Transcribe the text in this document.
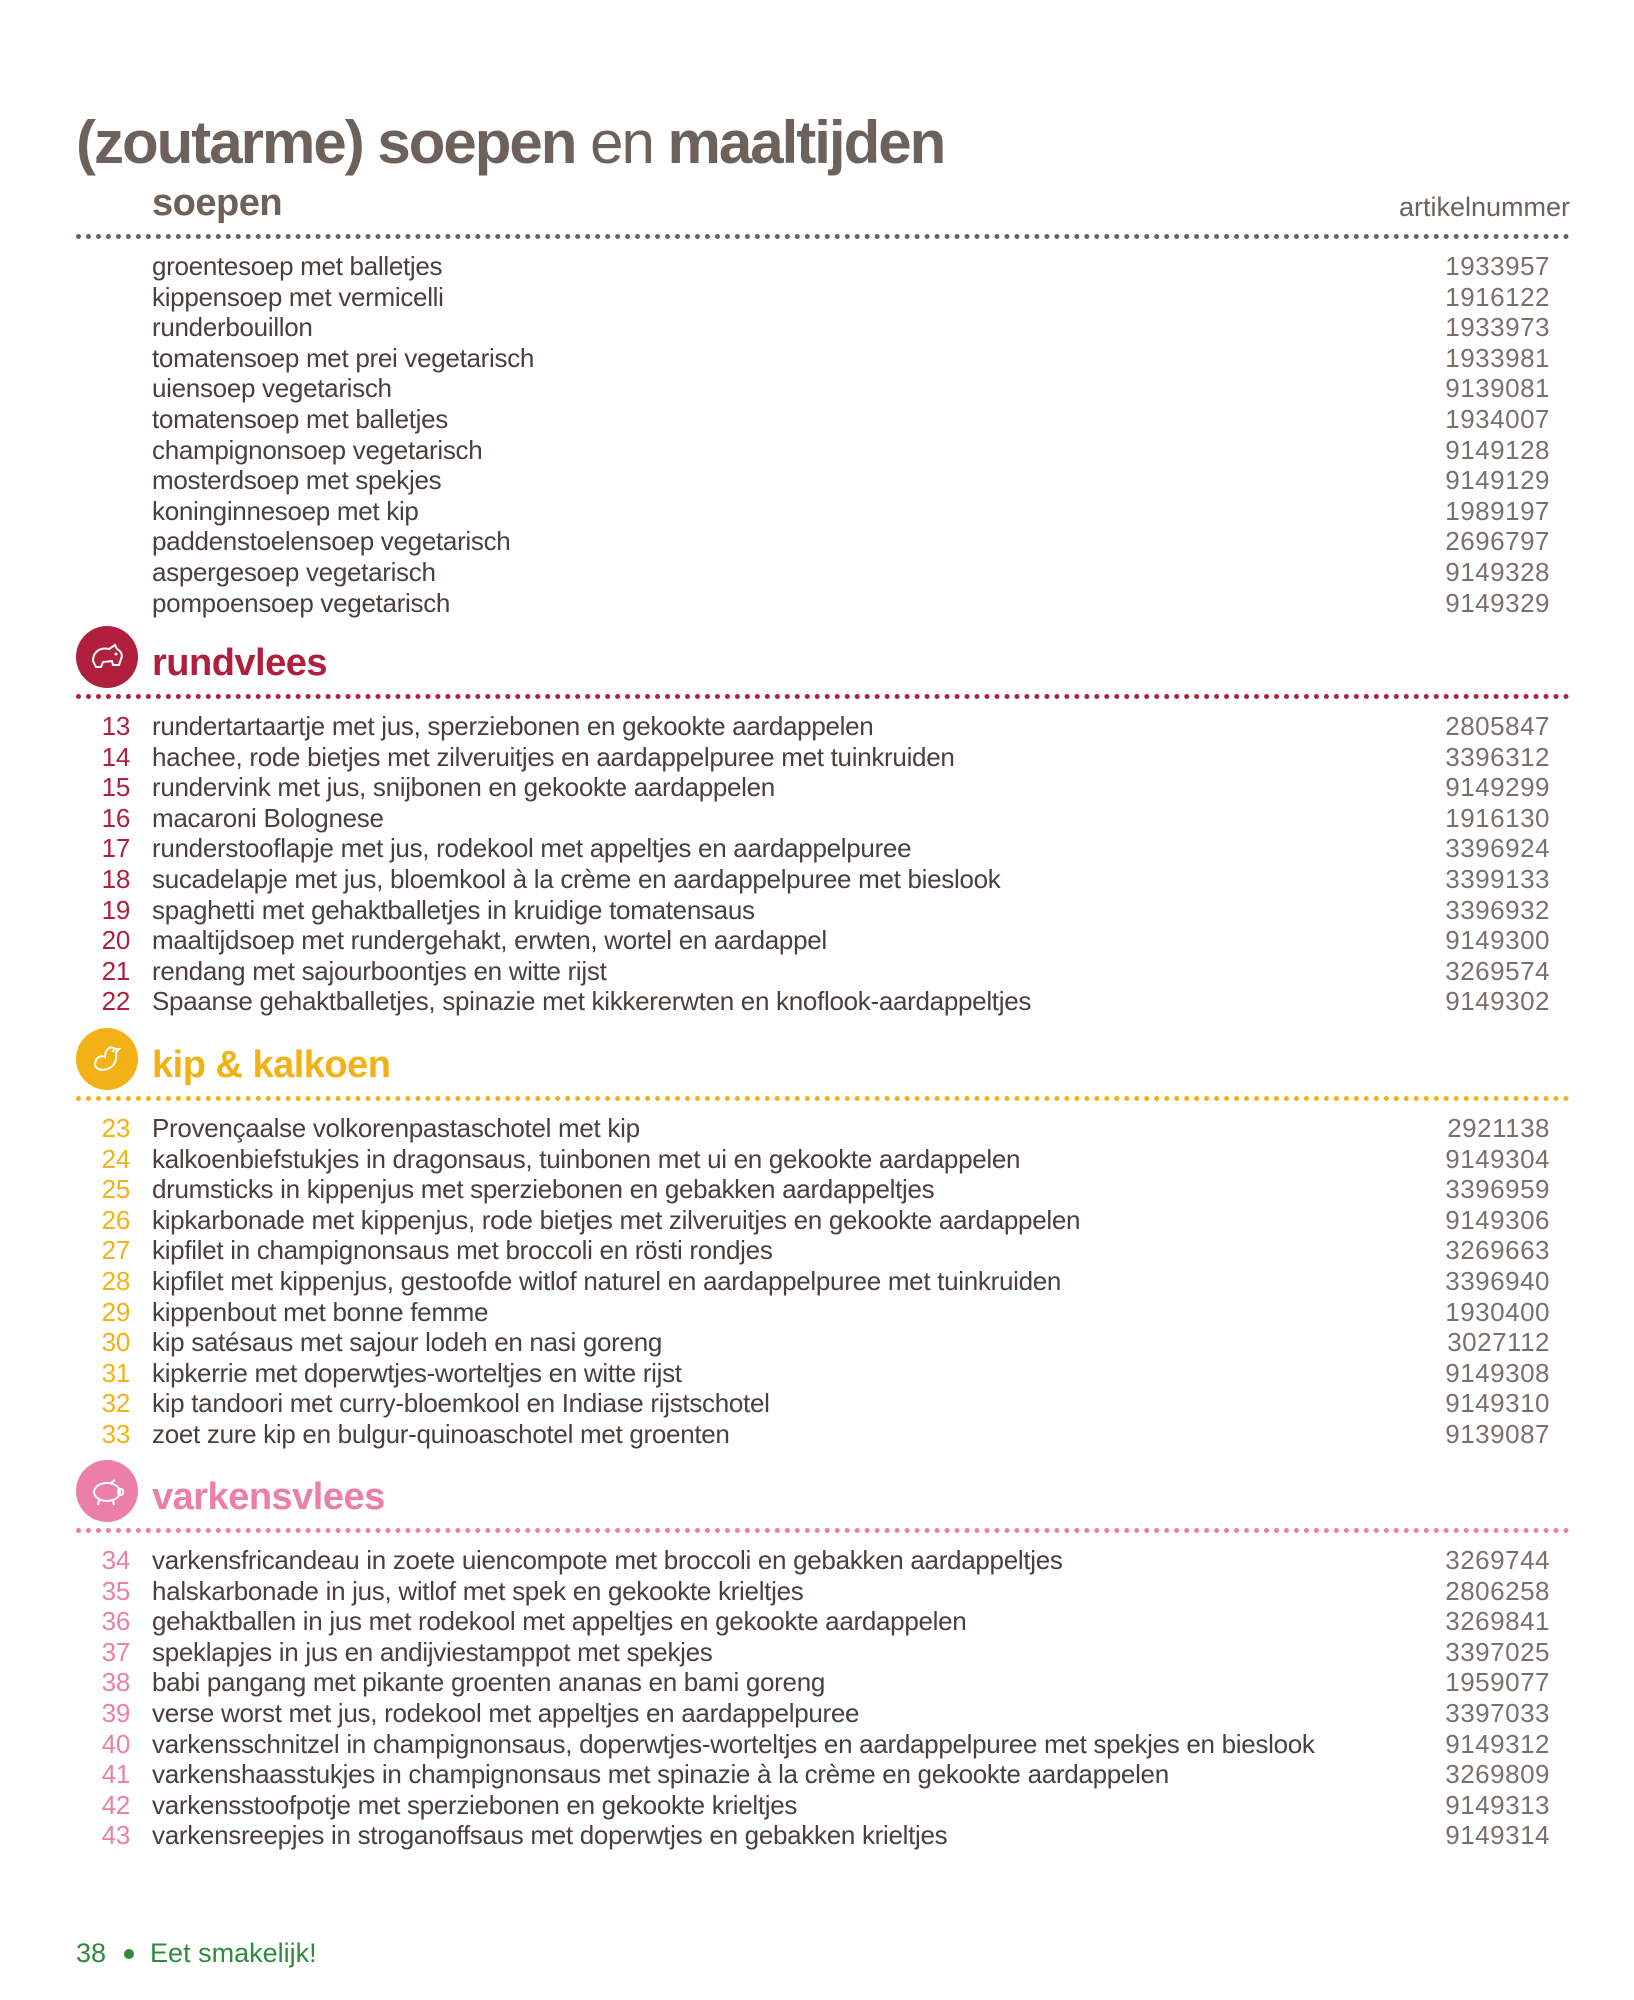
(zoutarme) soepen en maaltijden
soepen	artikelnummer
groentesoep met balletjes	1933957
kippensoep met vermicelli	1916122
runderbouillon	1933973
tomatensoep met prei vegetarisch	1933981
uiensoep vegetarisch	9139081
tomatensoep met balletjes	1934007
champignonsoep vegetarisch	9149128
mosterdsoep met spekjes	9149129
koninginnesoep met kip	1989197
paddenstoelensoep vegetarisch	2696797
aspergesoep vegetarisch	9149328
pompoensoep vegetarisch	9149329
rundvlees
13 rundertartaartje met jus, sperziebonen en gekookte aardappelen	2805847
14 hachee, rode bietjes met zilveruitjes en aardappelpuree met tuinkruiden	3396312
15 rundervink met jus, snijbonen en gekookte aardappelen	9149299
16 macaroni Bolognese	1916130
17 runderstooflapje met jus, rodekool met appeltjes en aardappelpuree	3396924
18 sucadelapje met jus, bloemkool à la crème en aardappelpuree met bieslook	3399133
19 spaghetti met gehaktballetjes in kruidige tomatensaus	3396932
20 maaltijdsoep met rundergehakt, erwten, wortel en aardappel	9149300
21 rendang met sajourboontjes en witte rijst	3269574
22 Spaanse gehaktballetjes, spinazie met kikkererwten en knoflook-aardappeltjes	9149302
kip & kalkoen
23 Provençaalse volkorenpastaschotel met kip	2921138
24 kalkoenbiefstukjes in dragonsaus, tuinbonen met ui en gekookte aardappelen	9149304
25 drumsticks in kippenjus met sperziebonen en gebakken aardappeltjes	3396959
26 kipkarbonade met kippenjus, rode bietjes met zilveruitjes en gekookte aardappelen	9149306
27 kipfilet in champignonsaus met broccoli en rösti rondjes	3269663
28 kipfilet met kippenjus, gestoofde witlof naturel en aardappelpuree met tuinkruiden	3396940
29 kippenbout met bonne femme	1930400
30 kip satésaus met sajour lodeh en nasi goreng	3027112
31 kipkerrie met doperwtjes-worteltjes en witte rijst	9149308
32 kip tandoori met curry-bloemkool en Indiase rijstschotel	9149310
33 zoet zure kip en bulgur-quinoaschotel met groenten	9139087
varkensvlees
34 varkensfricandeau in zoete uiencompote met broccoli en gebakken aardappeltjes	3269744
35 halskarbonade in jus, witlof met spek en gekookte krieltjes	2806258
36 gehaktballen in jus met rodekool met appeltjes en gekookte aardappelen	3269841
37 speklapjes in jus en andijviestamppot met spekjes	3397025
38 babi pangang met pikante groenten ananas en bami goreng	1959077
39 verse worst met jus, rodekool met appeltjes en aardappelpuree	3397033
40 varkensschnitzel in champignonsaus, doperwtjes-worteltjes en aardappelpuree met spekjes en bieslook	9149312
41 varkenshaasstukjes in champignonsaus met spinazie à la crème en gekookte aardappelen	3269809
42 varkensstoofpotje met sperziebonen en gekookte krieltjes	9149313
43 varkensreepjes in stroganoffsaus met doperwtjes en gebakken krieltjes	9149314
38 Eet smakelijk!
